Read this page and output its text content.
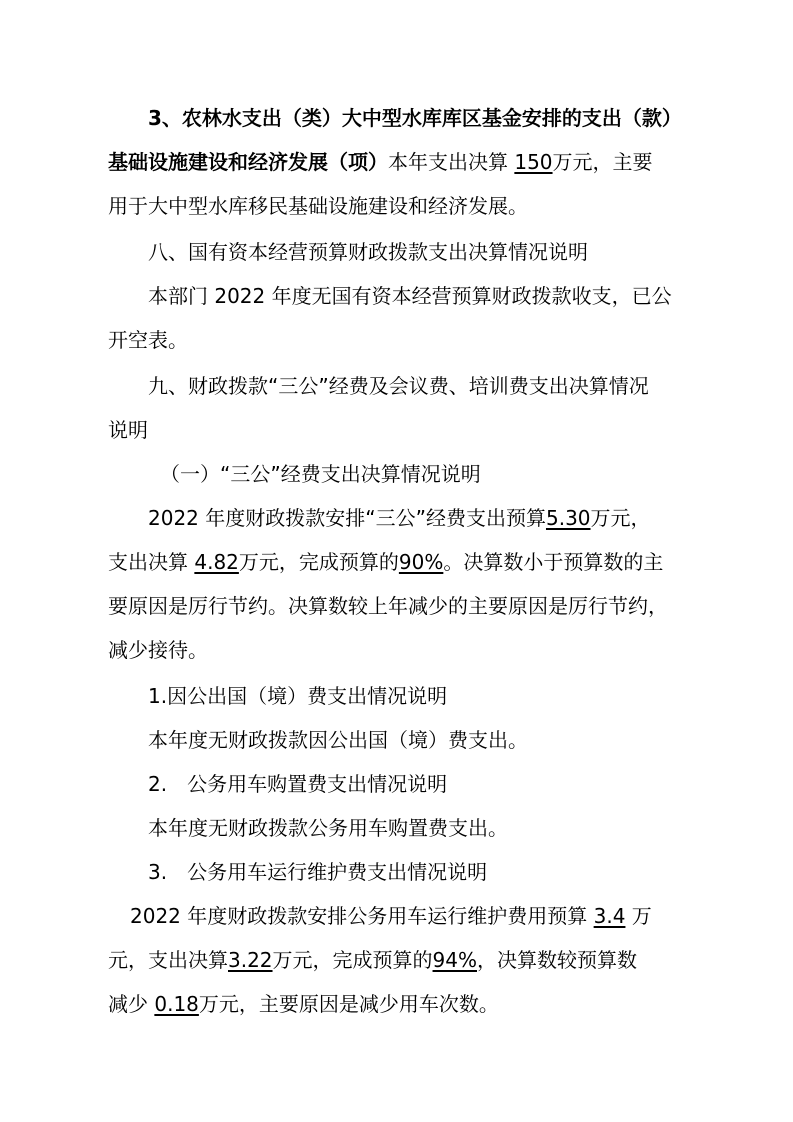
3、农林水支出（类）大中型水库库区基金安排的支出（款）
基础设施建设和经济发展（项）本年支出决算 150万元，主要
用于大中型水库移民基础设施建设和经济发展。
八、国有资本经营预算财政拨款支出决算情况说明
本部门 2022 年度无国有资本经营预算财政拨款收支，已公
开空表。
九、财政拨款“三公”经费及会议费、培训费支出决算情况
说明
（一）“三公”经费支出决算情况说明
2022 年度财政拨款安排“三公”经费支出预算5.30万元，
支出决算 4.82万元，完成预算的90%。决算数小于预算数的主
要原因是厉行节约。决算数较上年减少的主要原因是厉行节约，
减少接待。
1.因公出国（境）费支出情况说明
本年度无财政拨款因公出国（境）费支出。
2.　公务用车购置费支出情况说明
本年度无财政拨款公务用车购置费支出。
3.　公务用车运行维护费支出情况说明
2022 年度财政拨款安排公务用车运行维护费用预算 3.4 万
元，支出决算3.22万元，完成预算的94%，决算数较预算数
减少 0.18万元，主要原因是减少用车次数。
